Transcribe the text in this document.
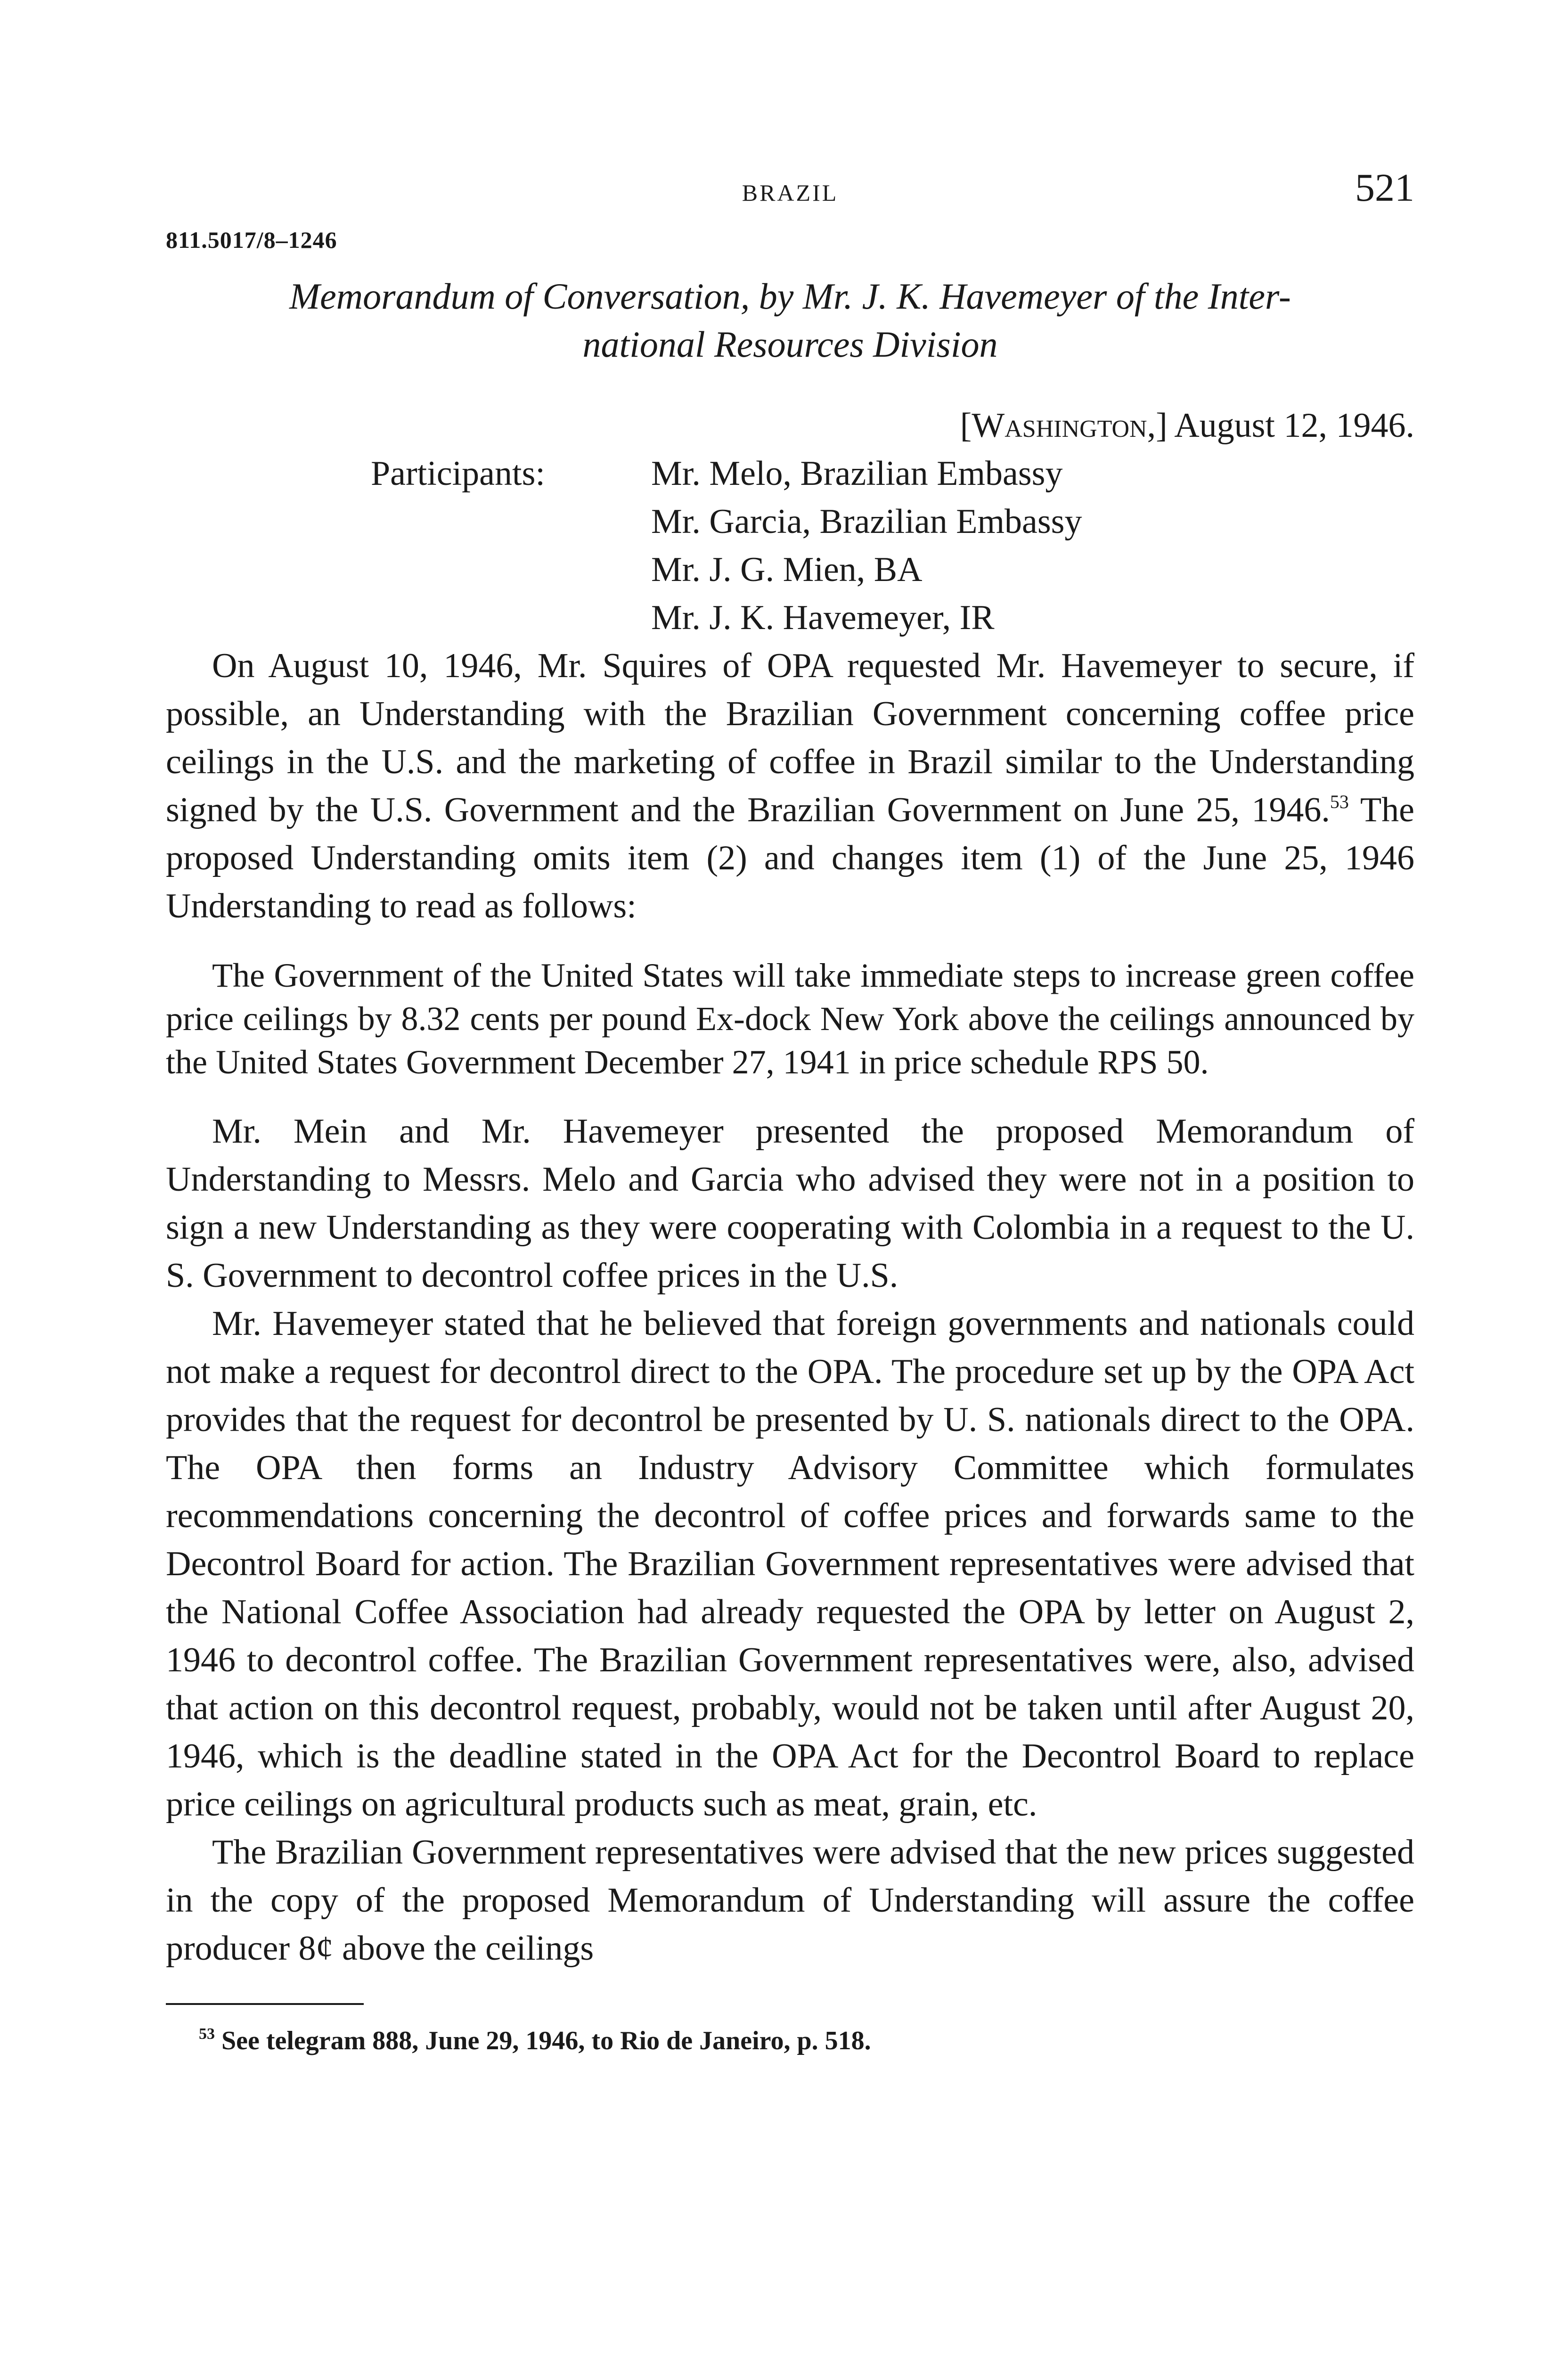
BRAZIL	521
811.5017/8–1246
Memorandum of Conversation, by Mr. J. K. Havemeyer of the Inter-
national Resources Division
[Washington,] August 12, 1946.
Participants:	Mr. Melo, Brazilian Embassy
Mr. Garcia, Brazilian Embassy
Mr. J. G. Mien, BA
Mr. J. K. Havemeyer, IR

On August 10, 1946, Mr. Squires of OPA requested Mr. Havemeyer to secure, if possible, an Understanding with the Brazilian Government concerning coffee price ceilings in the U.S. and the marketing of coffee in Brazil similar to the Understanding signed by the U.S. Government and the Brazilian Government on June 25, 1946.53 The proposed Understanding omits item (2) and changes item (1) of the June 25, 1946 Understanding to read as follows:

The Government of the United States will take immediate steps to increase green coffee price ceilings by 8.32 cents per pound Ex-dock New York above the ceilings announced by the United States Government December 27, 1941 in price schedule RPS 50.

Mr. Mein and Mr. Havemeyer presented the proposed Memorandum of Understanding to Messrs. Melo and Garcia who advised they were not in a position to sign a new Understanding as they were cooperating with Colombia in a request to the U. S. Government to decontrol coffee prices in the U.S.

Mr. Havemeyer stated that he believed that foreign governments and nationals could not make a request for decontrol direct to the OPA. The procedure set up by the OPA Act provides that the request for decontrol be presented by U. S. nationals direct to the OPA. The OPA then forms an Industry Advisory Committee which formulates recommendations concerning the decontrol of coffee prices and forwards same to the Decontrol Board for action. The Brazilian Government representatives were advised that the National Coffee Association had already requested the OPA by letter on August 2, 1946 to decontrol coffee. The Brazilian Government representatives were, also, advised that action on this decontrol request, probably, would not be taken until after August 20, 1946, which is the deadline stated in the OPA Act for the Decontrol Board to replace price ceilings on agricultural products such as meat, grain, etc.

The Brazilian Government representatives were advised that the new prices suggested in the copy of the proposed Memorandum of Understanding will assure the coffee producer 8¢ above the ceilings

$^{53}$ See telegram 888, June 29, 1946, to Rio de Janeiro, p. 518.
